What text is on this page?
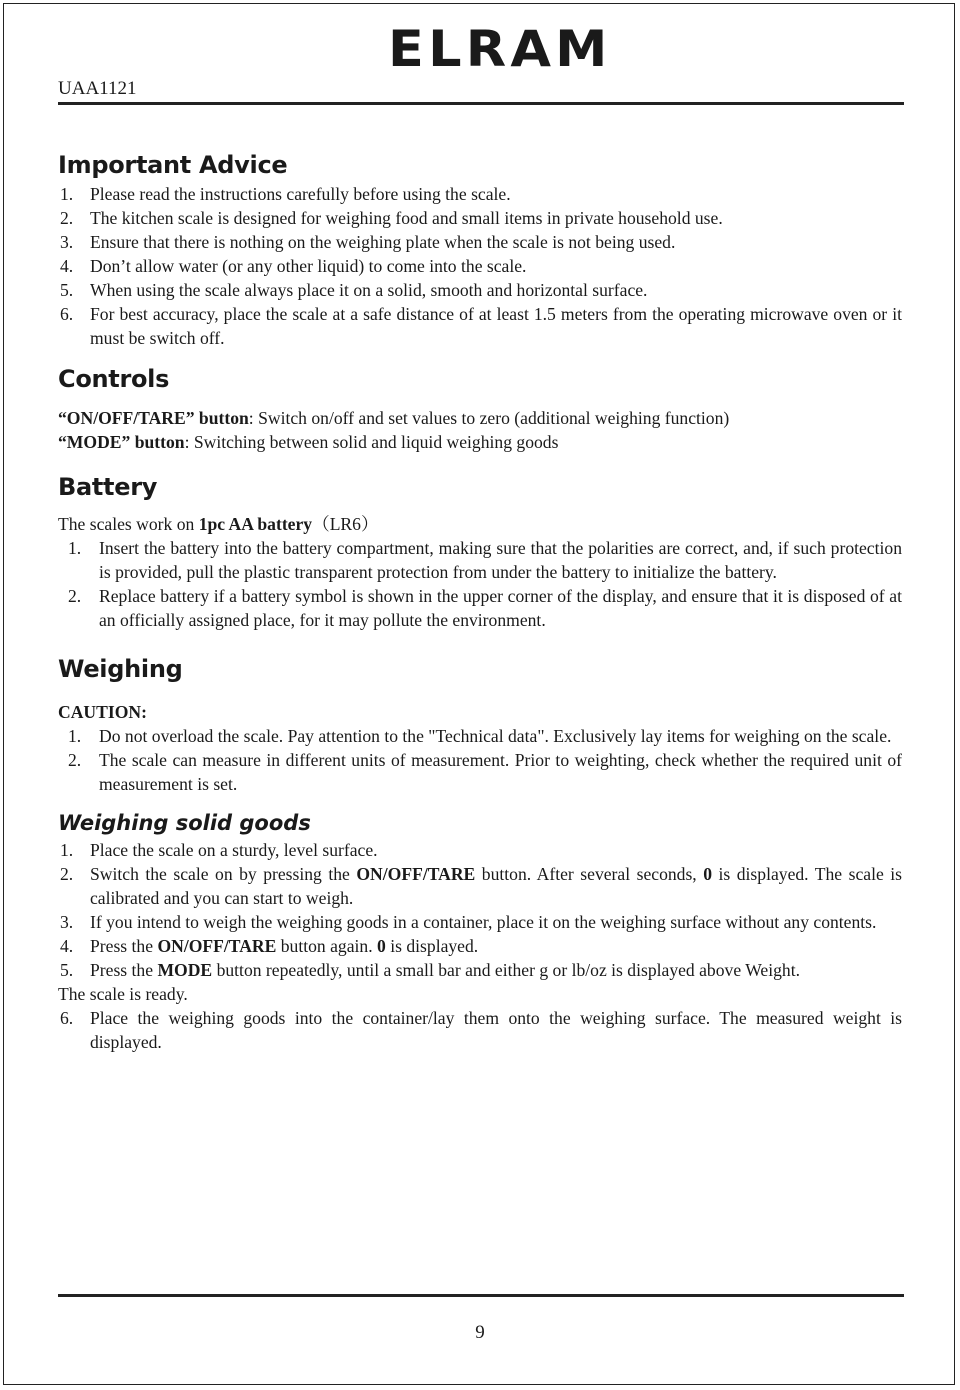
UAA1121
ELRAM
Important Advice
1. Please read the instructions carefully before using the scale.
2. The kitchen scale is designed for weighing food and small items in private household use.
3. Ensure that there is nothing on the weighing plate when the scale is not being used.
4. Don’t allow water (or any other liquid) to come into the scale.
5. When using the scale always place it on a solid, smooth and horizontal surface.
6. For best accuracy, place the scale at a safe distance of at least 1.5 meters from the operating microwave oven or it must be switch off.
Controls

“ON/OFF/TARE” button: Switch on/off and set values to zero (additional weighing function)

“MODE” button: Switching between solid and liquid weighing goods

Battery

The scales work on 1pc AA battery（LR6）

1. Insert the battery into the battery compartment, making sure that the polarities are correct, and, if such protection is provided, pull the plastic transparent protection from under the battery to initialize the battery.
2. Replace battery if a battery symbol is shown in the upper corner of the display, and ensure that it is disposed of at an officially assigned place, for it may pollute the environment.
Weighing

CAUTION:

1. Do not overload the scale. Pay attention to the "Technical data". Exclusively lay items for weighing on the scale.
2. The scale can measure in different units of measurement. Prior to weighting, check whether the required unit of measurement is set.
Weighing solid goods
1. Place the scale on a sturdy, level surface.
2. Switch the scale on by pressing the ON/OFF/TARE button. After several seconds, 0 is displayed. The scale is calibrated and you can start to weigh.
3. If you intend to weigh the weighing goods in a container, place it on the weighing surface without any contents.
4. Press the ON/OFF/TARE button again. 0 is displayed.
5. Press the MODE button repeatedly, until a small bar and either g or lb/oz is displayed above Weight.

The scale is ready.

6. Place the weighing goods into the container/lay them onto the weighing surface. The measured weight is displayed.
9
